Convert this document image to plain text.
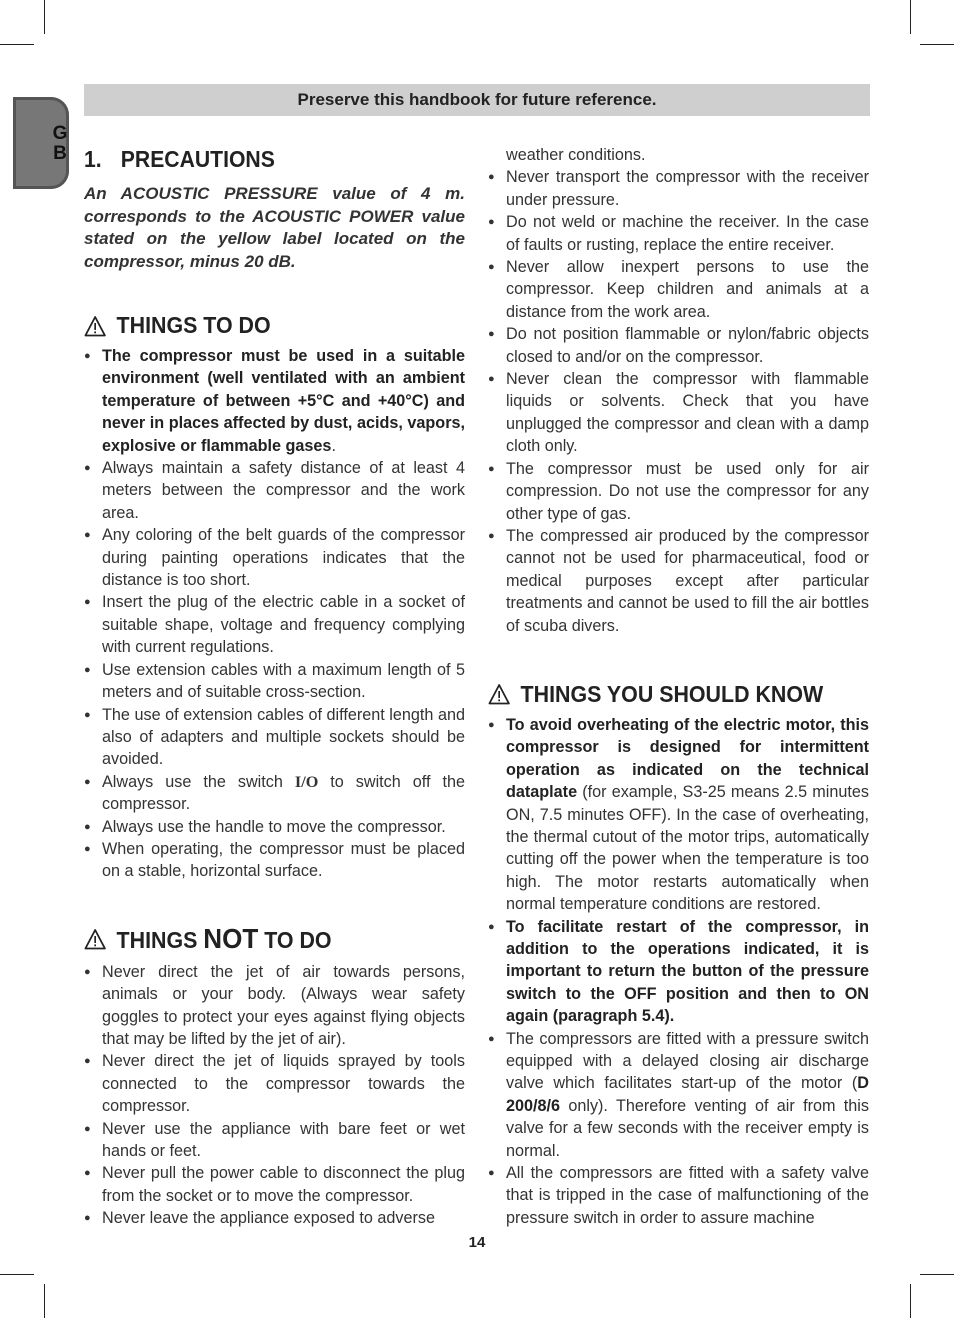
G
B
Preserve this handbook for future reference.
1. PRECAUTIONS

An ACOUSTIC PRESSURE value of 4 m. corresponds to the ACOUSTIC POWER value stated on the yellow label located on the compressor, minus 20 dB.

THINGS TO DO
● The compressor must be used in a suitable environment (well ventilated with an ambient temperature of between +5°C and +40°C) and never in places affected by dust, acids, vapors, explosive or flammable gases.
● Always maintain a safety distance of at least 4 meters between the compressor and the work area.
● Any coloring of the belt guards of the compressor during painting operations indicates that the distance is too short.
● Insert the plug of the electric cable in a socket of suitable shape, voltage and frequency complying with current regulations.
● Use extension cables with a maximum length of 5 meters and of suitable cross-section.
● The use of extension cables of different length and also of adapters and multiple sockets should be avoided.
● Always use the switch I/O to switch off the compressor.
● Always use the handle to move the compressor.
● When operating, the compressor must be placed on a stable, horizontal surface.
THINGS NOT TO DO
● Never direct the jet of air towards persons, animals or your body. (Always wear safety goggles to protect your eyes against flying objects that may be lifted by the jet of air).
● Never direct the jet of liquids sprayed by tools connected to the compressor towards the compressor.
● Never use the appliance with bare feet or wet hands or feet.
● Never pull the power cable to disconnect the plug from the socket or to move the compressor.
● Never leave the appliance exposed to adverse
weather conditions.
● Never transport the compressor with the receiver under pressure.
● Do not weld or machine the receiver. In the case of faults or rusting, replace the entire receiver.
● Never allow inexpert persons to use the compressor. Keep children and animals at a distance from the work area.
● Do not position flammable or nylon/fabric objects closed to and/or on the compressor.
● Never clean the compressor with flammable liquids or solvents. Check that you have unplugged the compressor and clean with a damp cloth only.
● The compressor must be used only for air compression. Do not use the compressor for any other type of gas.
● The compressed air produced by the compressor cannot not be used for pharmaceutical, food or medical purposes except after particular treatments and cannot be used to fill the air bottles of scuba divers.
THINGS YOU SHOULD KNOW
● To avoid overheating of the electric motor, this compressor is designed for intermittent operation as indicated on the technical dataplate (for example, S3-25 means 2.5 minutes ON, 7.5 minutes OFF). In the case of overheating, the thermal cutout of the motor trips, automatically cutting off the power when the temperature is too high. The motor restarts automatically when normal temperature conditions are restored.
● To facilitate restart of the compressor, in addition to the operations indicated, it is important to return the button of the pressure switch to the OFF position and then to ON again (paragraph 5.4).
● The compressors are fitted with a pressure switch equipped with a delayed closing air discharge valve which facilitates start-up of the motor (D 200/8/6 only). Therefore venting of air from this valve for a few seconds with the receiver empty is normal.
● All the compressors are fitted with a safety valve that is tripped in the case of malfunctioning of the pressure switch in order to assure machine
14
